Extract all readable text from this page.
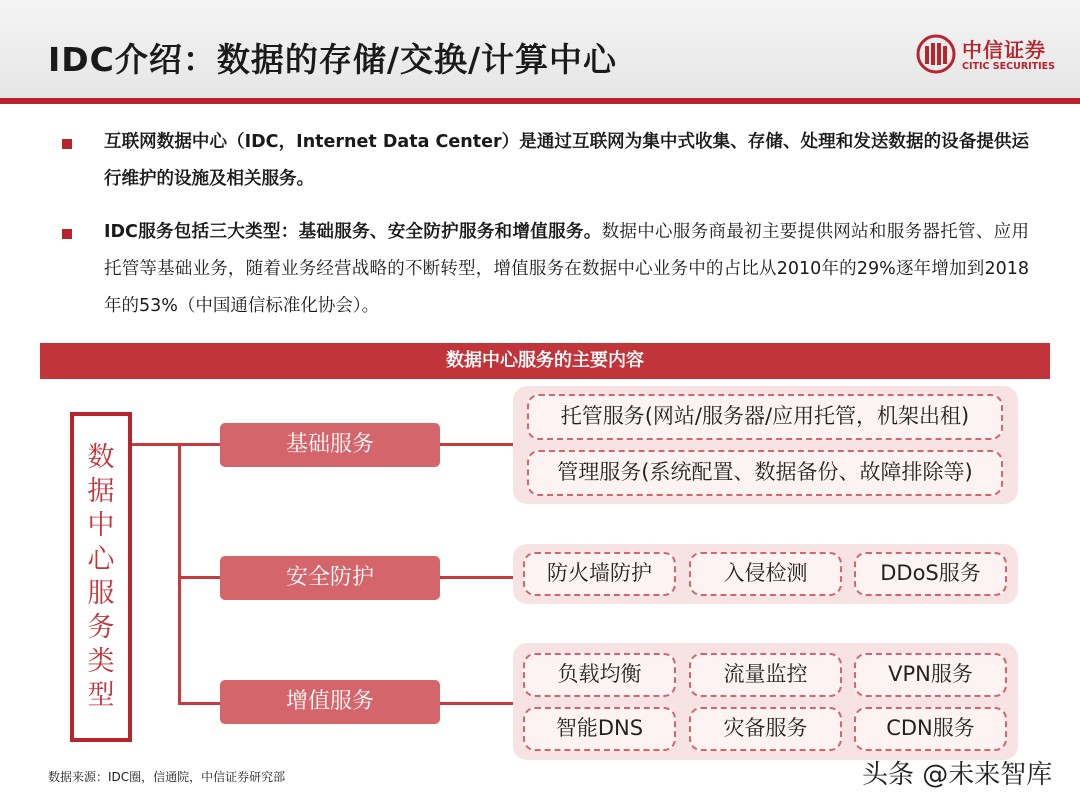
IDC介绍：数据的存储/交换/计算中心	中信证券
CITIC SECURITIES
互联网数据中心（IDC，Internet Data Center）是通过互联网为集中式收集、存储、处理和发送数据的设备提供运行维护的设施及相关服务。
IDC服务包括三大类型：基础服务、安全防护服务和增值服务。数据中心服务商最初主要提供网站和服务器托管、应用托管等基础业务，随着业务经营战略的不断转型，增值服务在数据中心业务中的占比从2010年的29%逐年增加到2018年的53%（中国通信标准化协会）。
数据中心服务的主要内容
数
据
中
心
服
务
类
型
基础服务
安全防护
增值服务
托管服务(网站/服务器/应用托管，机架出租)
管理服务(系统配置、数据备份、故障排除等)
防火墙防护	入侵检测	DDoS服务
负载均衡	流量监控	VPN服务
智能DNS	灾备服务	CDN服务
数据来源：IDC圈，信通院，中信证券研究部	头条 @未来智库
